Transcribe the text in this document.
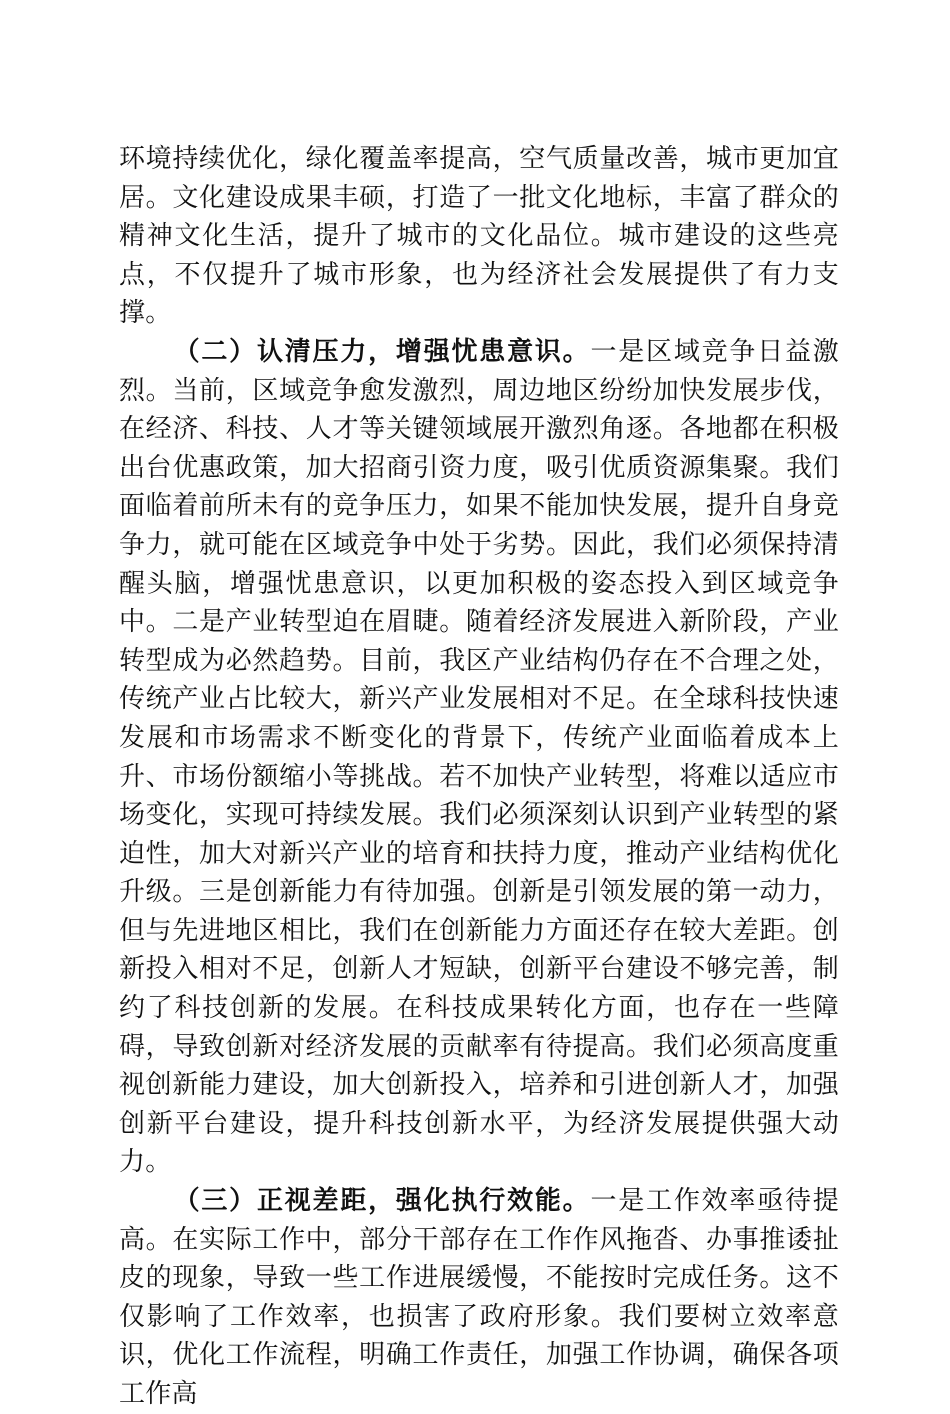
环境持续优化，绿化覆盖率提高，空气质量改善，城市更加宜居。文化建设成果丰硕，打造了一批文化地标，丰富了群众的精神文化生活，提升了城市的文化品位。城市建设的这些亮点，不仅提升了城市形象，也为经济社会发展提供了有力支撑。

（二）认清压力，增强忧患意识。一是区域竞争日益激烈。当前，区域竞争愈发激烈，周边地区纷纷加快发展步伐，在经济、科技、人才等关键领域展开激烈角逐。各地都在积极出台优惠政策，加大招商引资力度，吸引优质资源集聚。我们面临着前所未有的竞争压力，如果不能加快发展，提升自身竞争力，就可能在区域竞争中处于劣势。因此，我们必须保持清醒头脑，增强忧患意识，以更加积极的姿态投入到区域竞争中。二是产业转型迫在眉睫。随着经济发展进入新阶段，产业转型成为必然趋势。目前，我区产业结构仍存在不合理之处，传统产业占比较大，新兴产业发展相对不足。在全球科技快速发展和市场需求不断变化的背景下，传统产业面临着成本上升、市场份额缩小等挑战。若不加快产业转型，将难以适应市场变化，实现可持续发展。我们必须深刻认识到产业转型的紧迫性，加大对新兴产业的培育和扶持力度，推动产业结构优化升级。三是创新能力有待加强。创新是引领发展的第一动力，但与先进地区相比，我们在创新能力方面还存在较大差距。创新投入相对不足，创新人才短缺，创新平台建设不够完善，制约了科技创新的发展。在科技成果转化方面，也存在一些障碍，导致创新对经济发展的贡献率有待提高。我们必须高度重视创新能力建设，加大创新投入，培养和引进创新人才，加强创新平台建设，提升科技创新水平，为经济发展提供强大动力。

（三）正视差距，强化执行效能。一是工作效率亟待提高。在实际工作中，部分干部存在工作作风拖沓、办事推诿扯皮的现象，导致一些工作进展缓慢，不能按时完成任务。这不仅影响了工作效率，也损害了政府形象。我们要树立效率意识，优化工作流程，明确工作责任，加强工作协调，确保各项工作高
